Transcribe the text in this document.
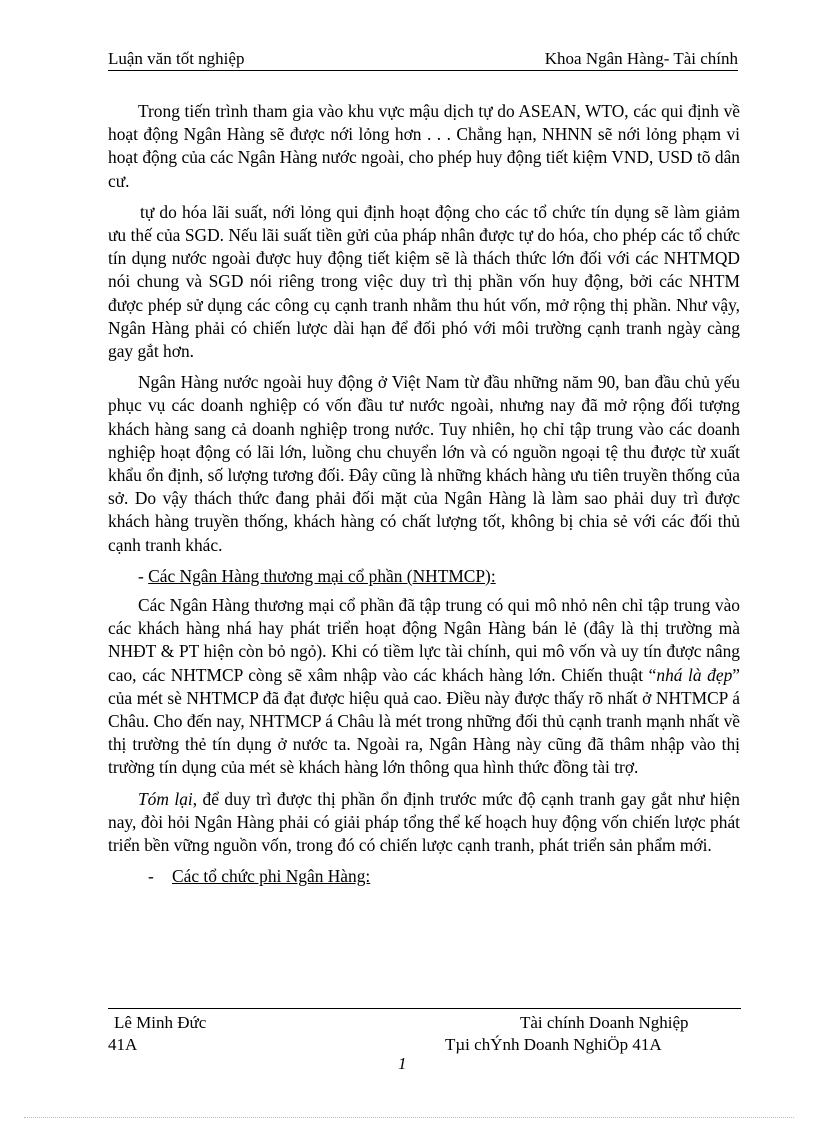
Luận văn tốt nghiệp	Khoa Ngân Hàng- Tài chính

Trong tiến trình tham gia vào khu vực mậu dịch tự do ASEAN, WTO, các qui định về hoạt động Ngân Hàng sẽ được nới lỏng hơn . . . Chẳng hạn, NHNN sẽ nới lỏng phạm vi hoạt động của các Ngân Hàng nước ngoài, cho phép huy động tiết kiệm VND, USD tõ dân cư.

tự do hóa lãi suất, nới lỏng qui định hoạt động cho các tổ chức tín dụng sẽ làm giảm ưu thế của SGD. Nếu lãi suất tiền gửi của pháp nhân được tự do hóa, cho phép các tổ chức tín dụng nước ngoài được huy động tiết kiệm sẽ là thách thức lớn đối với các NHTMQD nói chung và SGD nói riêng trong việc duy trì thị phần vốn huy động, bởi các NHTM được phép sử dụng các công cụ cạnh tranh nhằm thu hút vốn, mở rộng thị phần. Như vậy, Ngân Hàng phải có chiến lược dài hạn để đối phó với môi trường cạnh tranh ngày càng gay gắt hơn.

Ngân Hàng nước ngoài huy động ở Việt Nam từ đầu những năm 90, ban đầu chủ yếu phục vụ các doanh nghiệp có vốn đầu tư nước ngoài, nhưng nay đã mở rộng đối tượng khách hàng sang cả doanh nghiệp trong nước. Tuy nhiên, họ chỉ tập trung vào các doanh nghiệp hoạt động có lãi lớn, luồng chu chuyển lớn và có nguồn ngoại tệ thu được từ xuất khẩu ổn định, số lượng tương đối. Đây cũng là những khách hàng ưu tiên truyền thống của sở. Do vậy thách thức đang phải đối mặt của Ngân Hàng là làm sao phải duy trì được khách hàng truyền thống, khách hàng có chất lượng tốt, không bị chia sẻ với các đối thủ cạnh tranh khác.

- Các Ngân Hàng thương mại cổ phần (NHTMCP):

Các Ngân Hàng thương mại cổ phần đã tập trung có qui mô nhỏ nên chỉ tập trung vào các khách hàng nhá hay phát triển hoạt động Ngân Hàng bán lẻ (đây là thị trường mà NHĐT & PT hiện còn bỏ ngỏ). Khi có tiềm lực tài chính, qui mô vốn và uy tín được nâng cao, các NHTMCP còng sẽ xâm nhập vào các khách hàng lớn. Chiến thuật “nhá là đẹp” của mét sè NHTMCP đã đạt được hiệu quả cao. Điều này được thấy rõ nhất ở NHTMCP á Châu. Cho đến nay, NHTMCP á Châu là mét trong những đối thủ cạnh tranh mạnh nhất về thị trường thẻ tín dụng ở nước ta. Ngoài ra, Ngân Hàng này cũng đã thâm nhập vào thị trường tín dụng của mét sè khách hàng lớn thông qua hình thức đồng tài trợ.

Tóm lại, để duy trì được thị phần ổn định trước mức độ cạnh tranh gay gắt như hiện nay, đòi hỏi Ngân Hàng phải có giải pháp tổng thể kế hoạch huy động vốn chiến lược phát triển bền vững nguồn vốn, trong đó có chiến lược cạnh tranh, phát triển sản phẩm mới.

- Các tổ chức phi Ngân Hàng:
Lê Minh Đức	Tài chính Doanh Nghiệp
41A	Tµi chÝnh Doanh NghiÖp 41A
1
